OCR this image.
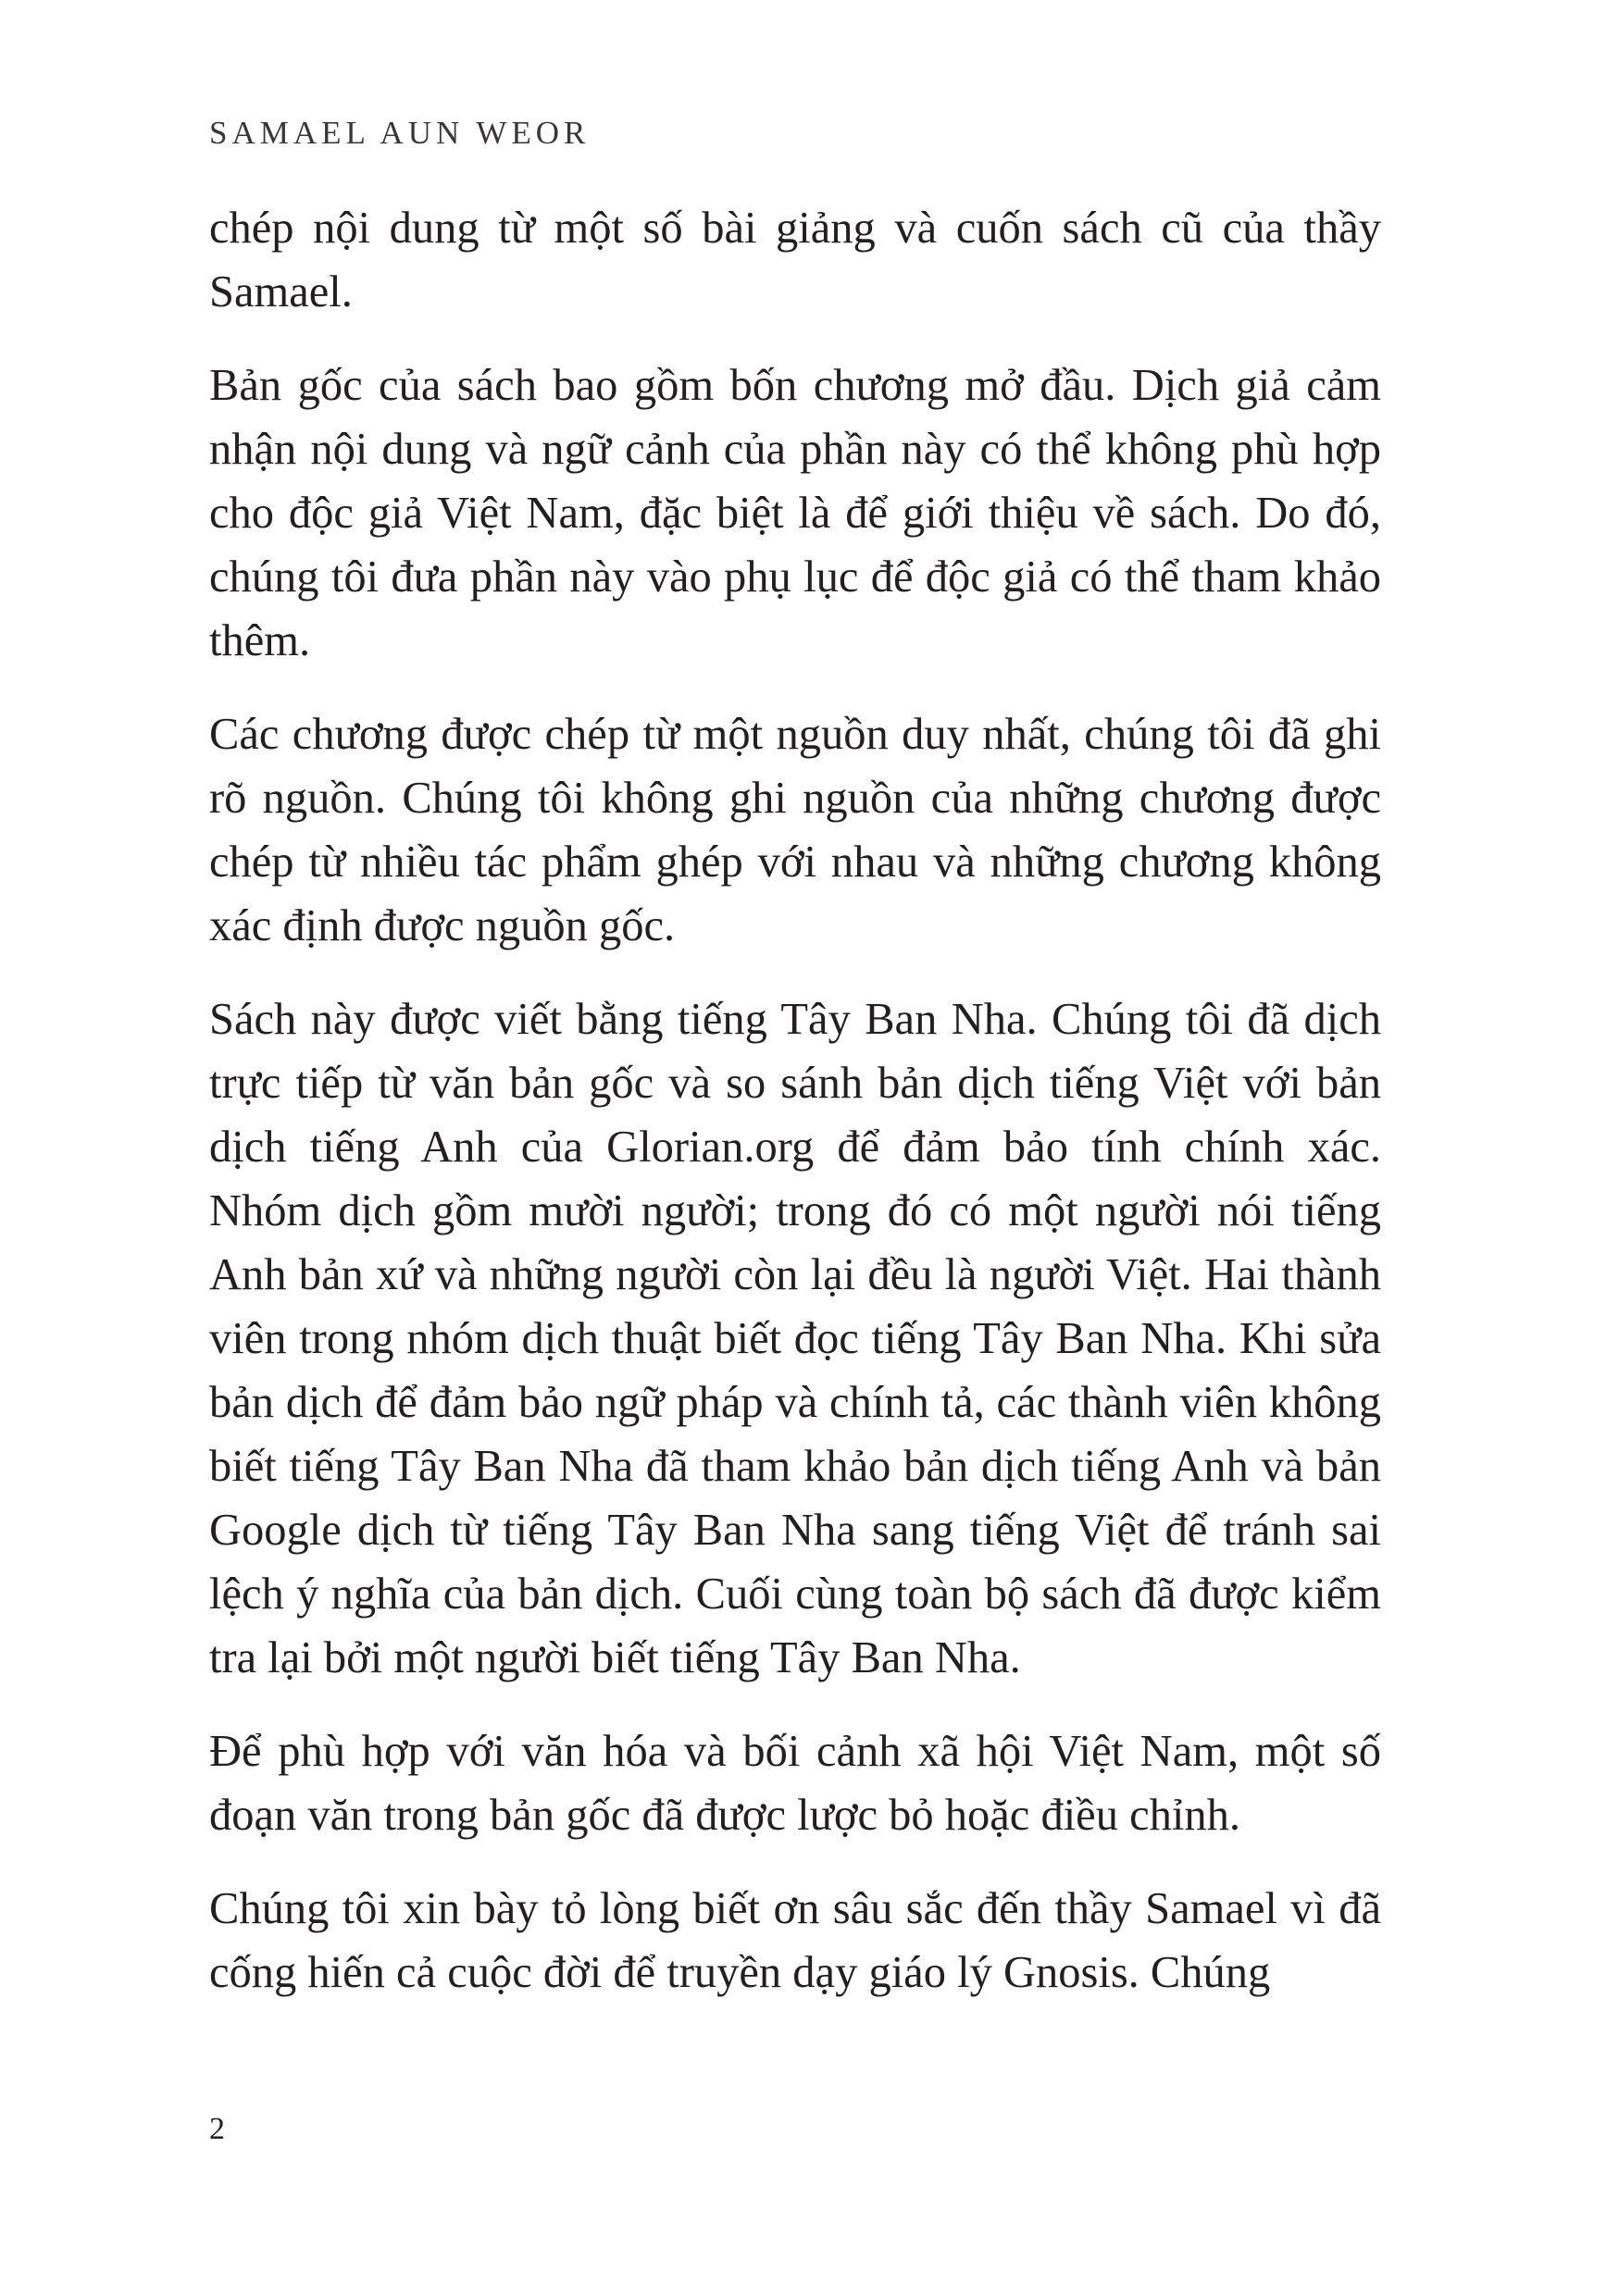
SAMAEL AUN WEOR

chép nội dung từ một số bài giảng và cuốn sách cũ của thầy Samael.

Bản gốc của sách bao gồm bốn chương mở đầu. Dịch giả cảm nhận nội dung và ngữ cảnh của phần này có thể không phù hợp cho độc giả Việt Nam, đặc biệt là để giới thiệu về sách. Do đó, chúng tôi đưa phần này vào phụ lục để độc giả có thể tham khảo thêm.

Các chương được chép từ một nguồn duy nhất, chúng tôi đã ghi rõ nguồn. Chúng tôi không ghi nguồn của những chương được chép từ nhiều tác phẩm ghép với nhau và những chương không xác định được nguồn gốc.

Sách này được viết bằng tiếng Tây Ban Nha. Chúng tôi đã dịch trực tiếp từ văn bản gốc và so sánh bản dịch tiếng Việt với bản dịch tiếng Anh của Glorian.org để đảm bảo tính chính xác. Nhóm dịch gồm mười người; trong đó có một người nói tiếng Anh bản xứ và những người còn lại đều là người Việt. Hai thành viên trong nhóm dịch thuật biết đọc tiếng Tây Ban Nha. Khi sửa bản dịch để đảm bảo ngữ pháp và chính tả, các thành viên không biết tiếng Tây Ban Nha đã tham khảo bản dịch tiếng Anh và bản Google dịch từ tiếng Tây Ban Nha sang tiếng Việt để tránh sai lệch ý nghĩa của bản dịch. Cuối cùng toàn bộ sách đã được kiểm tra lại bởi một người biết tiếng Tây Ban Nha.

Để phù hợp với văn hóa và bối cảnh xã hội Việt Nam, một số đoạn văn trong bản gốc đã được lược bỏ hoặc điều chỉnh.

Chúng tôi xin bày tỏ lòng biết ơn sâu sắc đến thầy Samael vì đã cống hiến cả cuộc đời để truyền dạy giáo lý Gnosis. Chúng

2
